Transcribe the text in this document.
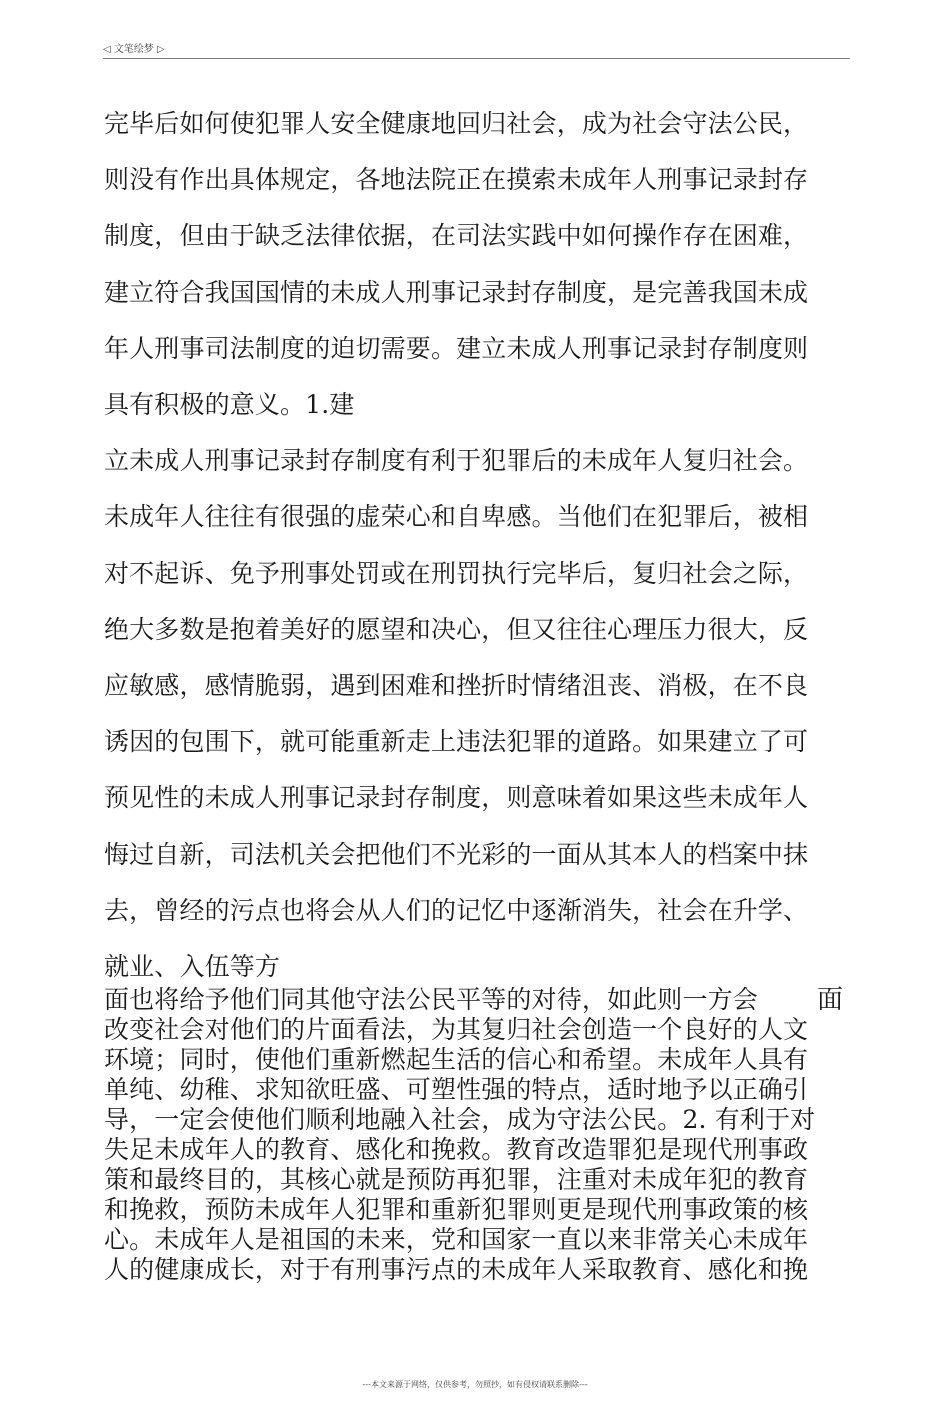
◁ 文笔绘梦 ▷

完毕后如何使犯罪人安全健康地回归社会，成为社会守法公民，

则没有作出具体规定，各地法院正在摸索未成年人刑事记录封存

制度，但由于缺乏法律依据，在司法实践中如何操作存在困难，

建立符合我国国情的未成人刑事记录封存制度，是完善我国未成

年人刑事司法制度的迫切需要。建立未成人刑事记录封存制度则

具有积极的意义。1.建

立未成人刑事记录封存制度有利于犯罪后的未成年人复归社会。

未成年人往往有很强的虚荣心和自卑感。当他们在犯罪后，被相

对不起诉、免予刑事处罚或在刑罚执行完毕后，复归社会之际，

绝大多数是抱着美好的愿望和决心，但又往往心理压力很大，反

应敏感，感情脆弱，遇到困难和挫折时情绪沮丧、消极，在不良

诱因的包围下，就可能重新走上违法犯罪的道路。如果建立了可

预见性的未成人刑事记录封存制度，则意味着如果这些未成年人

悔过自新，司法机关会把他们不光彩的一面从其本人的档案中抹

去，曾经的污点也将会从人们的记忆中逐渐消失，社会在升学、

就业、入伍等方

面也将给予他们同其他守法公民平等的对待，如此则一方会 面

改变社会对他们的片面看法，为其复归社会创造一个良好的人文

环境；同时，使他们重新燃起生活的信心和希望。未成年人具有

单纯、幼稚、求知欲旺盛、可塑性强的特点，适时地予以正确引

导，一定会使他们顺利地融入社会，成为守法公民。2. 有利于对

失足未成年人的教育、感化和挽救。教育改造罪犯是现代刑事政

策和最终目的，其核心就是预防再犯罪，注重对未成年犯的教育

和挽救，预防未成年人犯罪和重新犯罪则更是现代刑事政策的核

心。未成年人是祖国的未来，党和国家一直以来非常关心未成年

人的健康成长，对于有刑事污点的未成年人采取教育、感化和挽

---本文来源于网络，仅供参考，勿照抄，如有侵权请联系删除---
